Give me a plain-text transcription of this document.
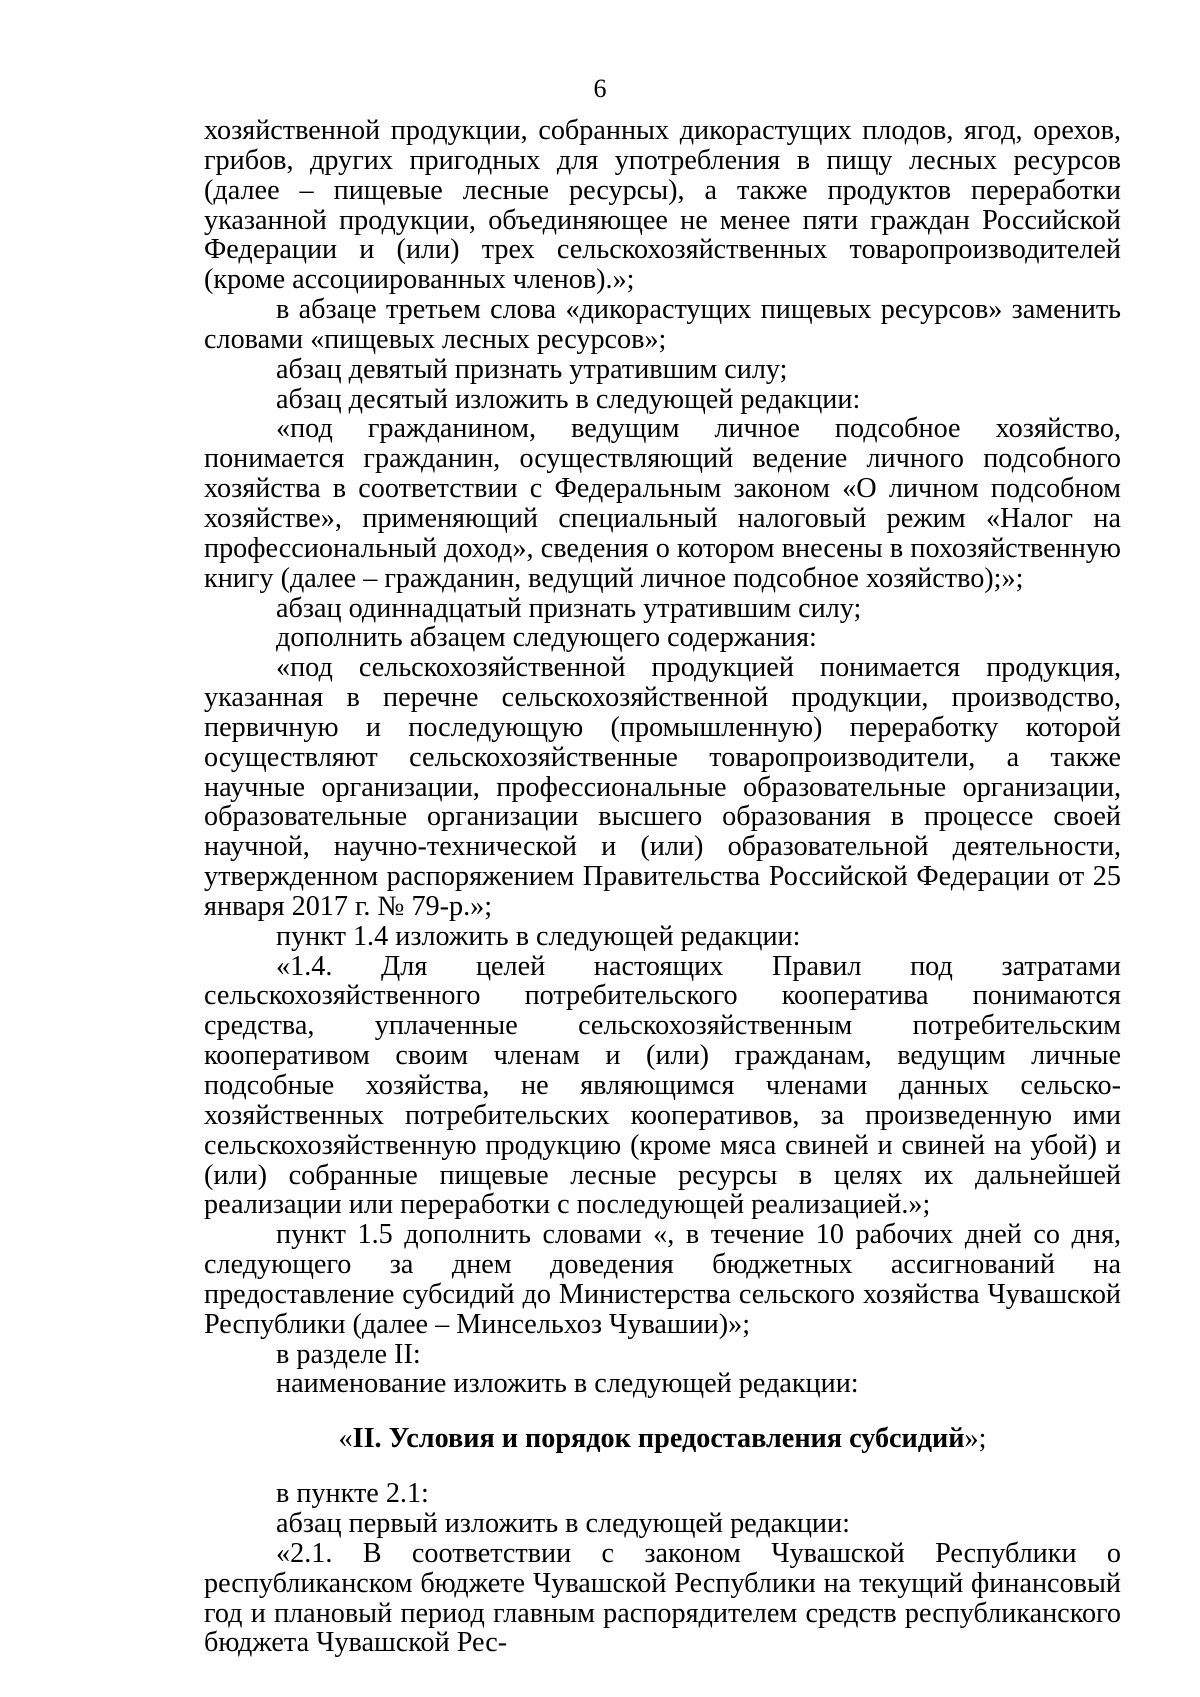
6

хозяйственной продукции, собранных дикорастущих плодов, ягод, орехов, грибов, других пригодных для употребления в пищу лесных ресурсов (далее – пищевые лесные ресурсы), а также продуктов переработки указанной продукции, объединяющее не менее пяти граждан Российской Федерации и (или) трех сельскохозяйственных товаропроизводителей (кроме ассоциированных членов).»;

в абзаце третьем слова «дикорастущих пищевых ресурсов» заменить словами «пищевых лесных ресурсов»;

абзац девятый признать утратившим силу;

абзац десятый изложить в следующей редакции:

«под гражданином, ведущим личное подсобное хозяйство, понимается гражданин, осуществляющий ведение личного подсобного хозяйства в соответствии с Федеральным законом «О личном подсобном хозяйстве», применяющий специальный налоговый режим «Налог на профессиональный доход», сведения о котором внесены в похозяйственную книгу (далее – гражданин, ведущий личное подсобное хозяйство);»;

абзац одиннадцатый признать утратившим силу;

дополнить абзацем следующего содержания:

«под сельскохозяйственной продукцией понимается продукция, указанная в перечне сельскохозяйственной продукции, производство, первичную и последующую (промышленную) переработку которой осуществляют сельскохозяйственные товаропроизводители, а также научные организации, профессиональные образовательные организации, образовательные организации высшего образования в процессе своей научной, научно-технической и (или) образовательной деятельности, утвержденном распоряжением Правительства Российской Федерации от 25 января 2017 г. № 79-р.»;

пункт 1.4 изложить в следующей редакции:

«1.4. Для целей настоящих Правил под затратами сельскохозяйственного потребительского кооператива понимаются средства, уплаченные сельскохозяйственным потребительским кооперативом своим членам и (или) гражданам, ведущим личные подсобные хозяйства, не являющимся членами данных сельскохозяйственных потребительских кооперативов, за произведенную ими сельскохозяйственную продукцию (кроме мяса свиней и свиней на убой) и (или) собранные пищевые лесные ресурсы в целях их дальнейшей реализации или переработки с последующей реализацией.»;

пункт 1.5 дополнить словами «, в течение 10 рабочих дней со дня, следующего за днем доведения бюджетных ассигнований на предоставление субсидий до Министерства сельского хозяйства Чувашской Республики (далее – Минсельхоз Чувашии)»;

в разделе II:

наименование изложить в следующей редакции:

«II. Условия и порядок предоставления субсидий»;

в пункте 2.1:

абзац первый изложить в следующей редакции:

«2.1. В соответствии с законом Чувашской Республики о республиканском бюджете Чувашской Республики на текущий финансовый год и плановый период главным распорядителем средств республиканского бюджета Чувашской Рес-
